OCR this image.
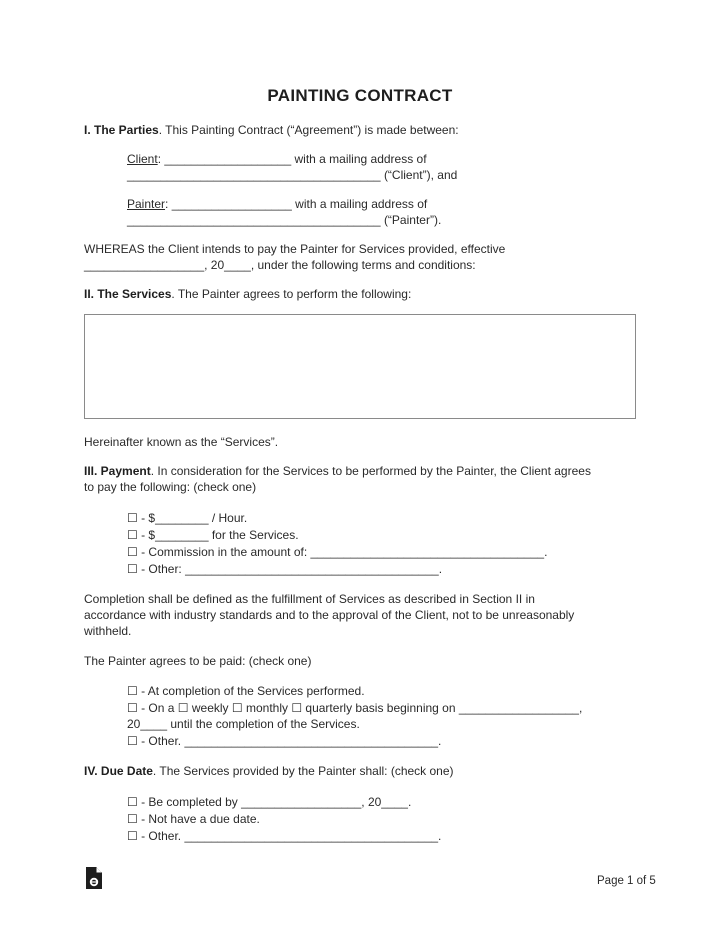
PAINTING CONTRACT
I. The Parties. This Painting Contract (“Agreement”) is made between:
Client: ___________________ with a mailing address of
______________________________________ (“Client”), and
Painter: __________________ with a mailing address of
______________________________________ (“Painter”).
WHEREAS the Client intends to pay the Painter for Services provided, effective
__________________, 20____, under the following terms and conditions:
II. The Services. The Painter agrees to perform the following:
Hereinafter known as the “Services”.
III. Payment. In consideration for the Services to be performed by the Painter, the Client agrees
to pay the following: (check one)
☐ - $________ / Hour.
☐ - $________ for the Services.
☐ - Commission in the amount of: ___________________________________.
☐ - Other: ______________________________________.
Completion shall be defined as the fulfillment of Services as described in Section II in
accordance with industry standards and to the approval of the Client, not to be unreasonably
withheld.
The Painter agrees to be paid: (check one)
☐ - At completion of the Services performed.
☐ - On a ☐ weekly ☐ monthly ☐ quarterly basis beginning on __________________,
20____ until the completion of the Services.
☐ - Other. ______________________________________.
IV. Due Date. The Services provided by the Painter shall: (check one)
☐ - Be completed by __________________, 20____.
☐ - Not have a due date.
☐ - Other. ______________________________________.
Page 1 of 5
